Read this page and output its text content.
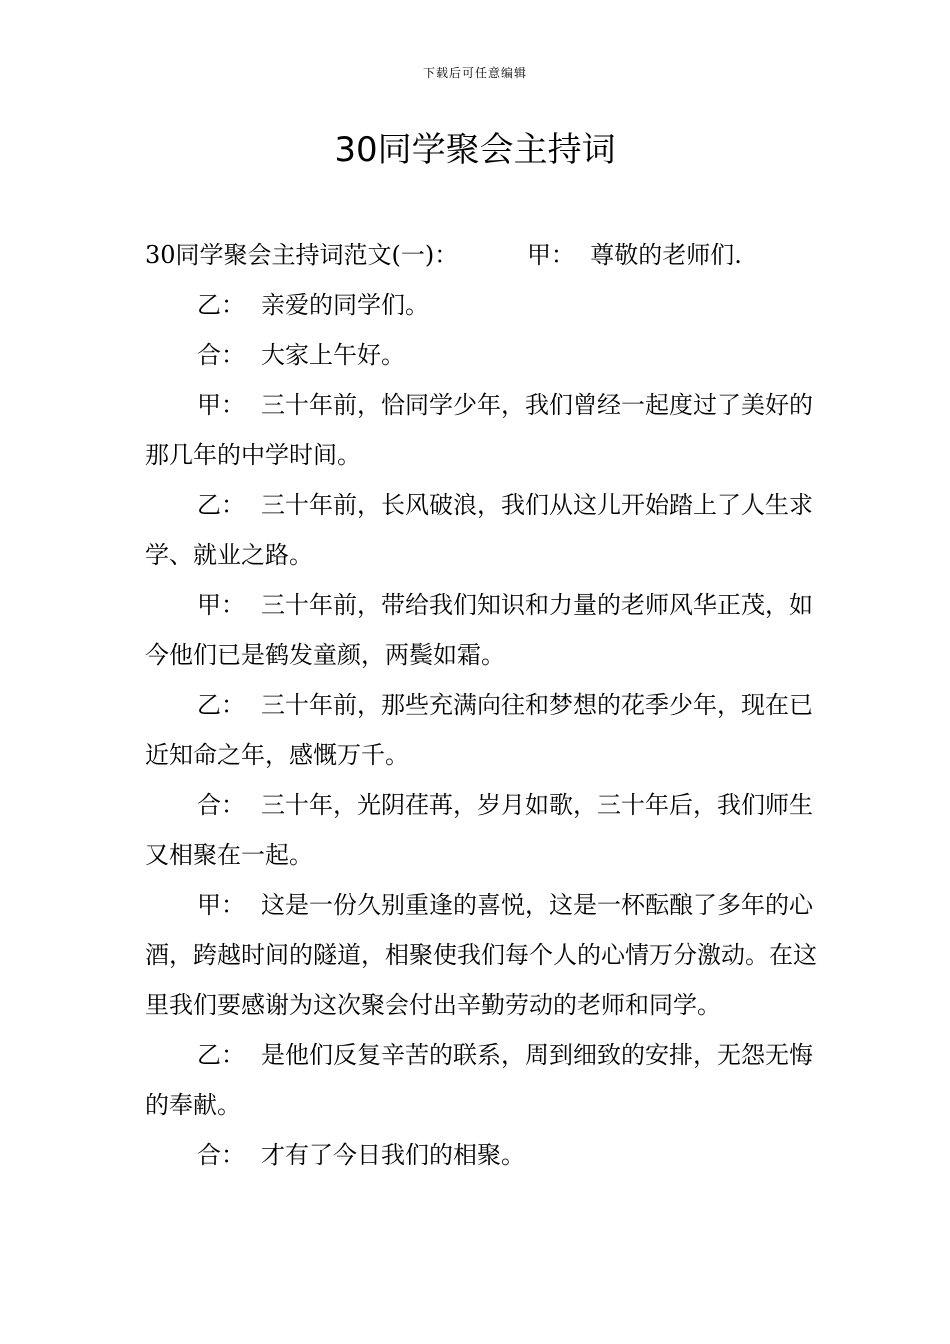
下载后可任意编辑
30同学聚会主持词

30同学聚会主持词范文(一)：	甲： 尊敬的老师们.

乙： 亲爱的同学们。

合： 大家上午好。

甲： 三十年前，恰同学少年，我们曾经一起度过了美好的那几年的中学时间。

乙： 三十年前，长风破浪，我们从这儿开始踏上了人生求学、就业之路。

甲： 三十年前，带给我们知识和力量的老师风华正茂，如今他们已是鹤发童颜，两鬓如霜。

乙： 三十年前，那些充满向往和梦想的花季少年，现在已近知命之年，感慨万千。

合： 三十年，光阴荏苒，岁月如歌，三十年后，我们师生又相聚在一起。

甲： 这是一份久别重逢的喜悦，这是一杯酝酿了多年的心酒，跨越时间的隧道，相聚使我们每个人的心情万分激动。在这里我们要感谢为这次聚会付出辛勤劳动的老师和同学。

乙： 是他们反复辛苦的联系，周到细致的安排，无怨无悔的奉献。

合： 才有了今日我们的相聚。
